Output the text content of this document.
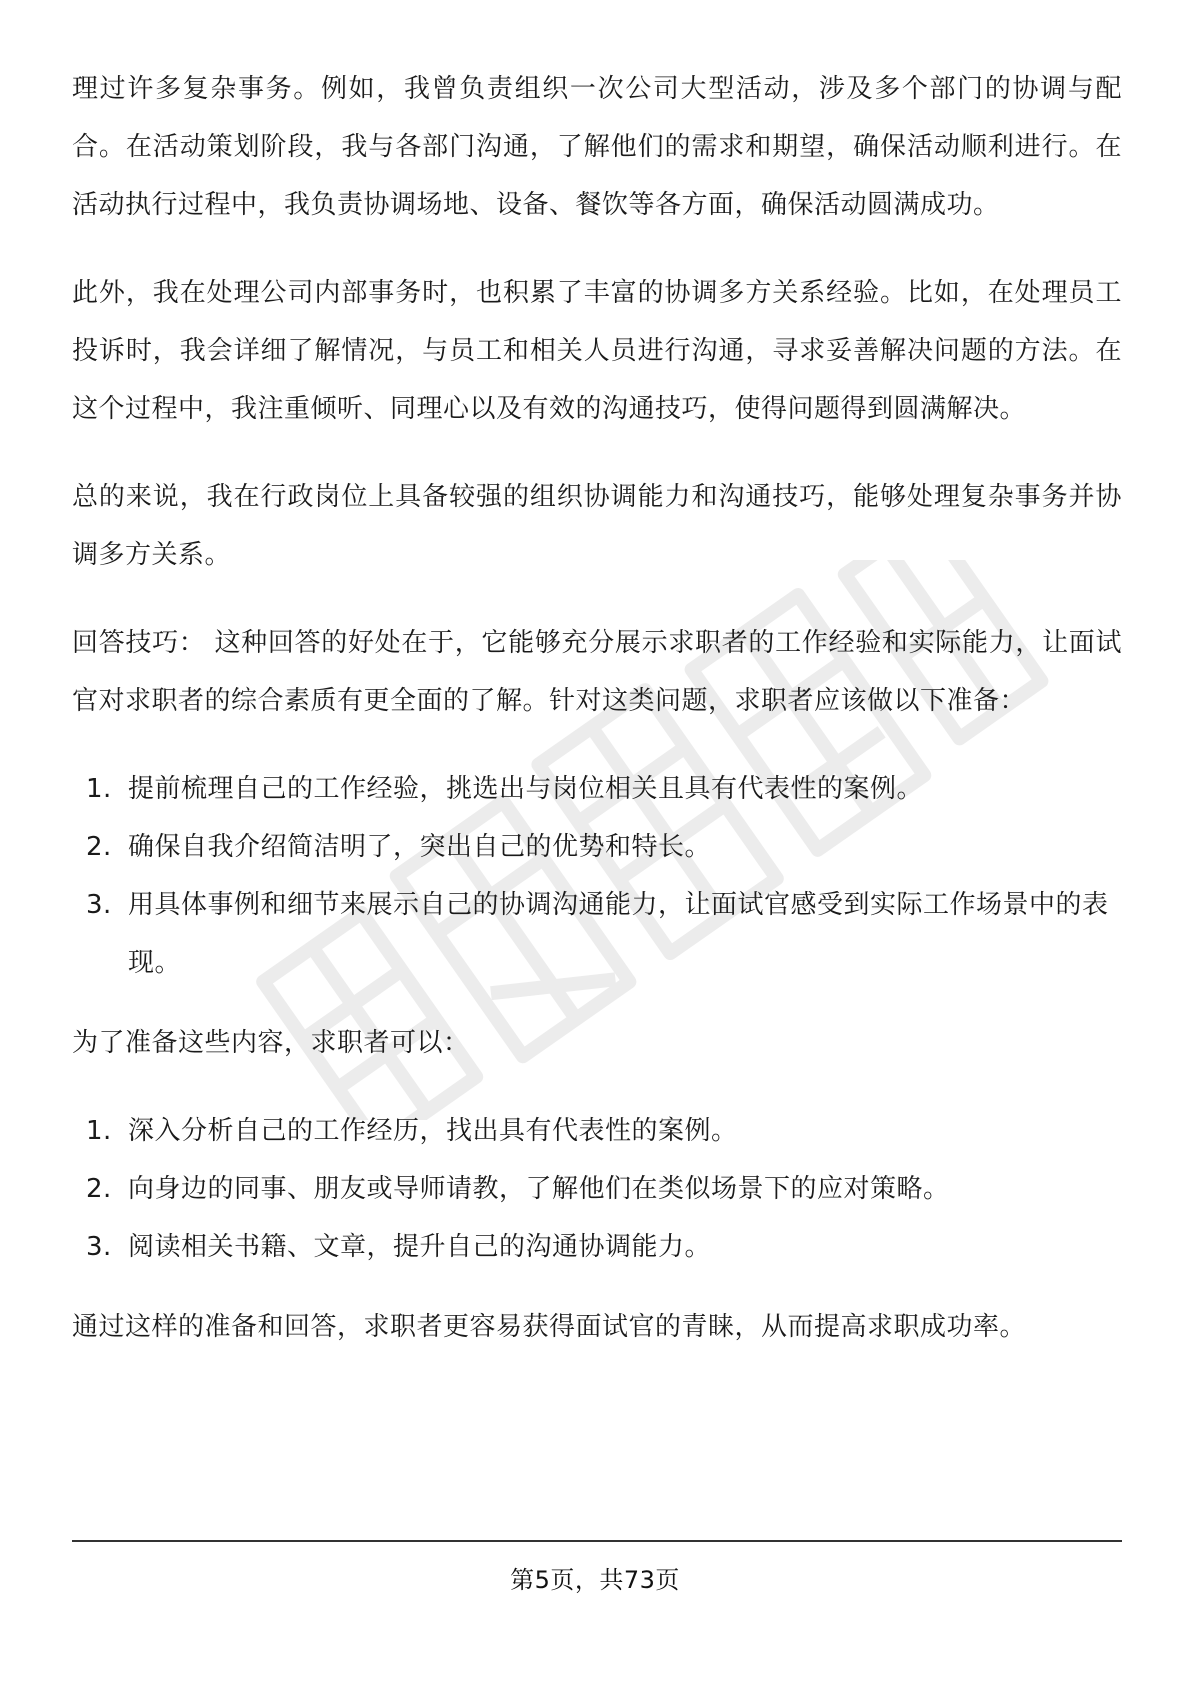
理过许多复杂事务。例如，我曾负责组织一次公司大型活动，涉及多个部门的协调与配合。在活动策划阶段，我与各部门沟通，了解他们的需求和期望，确保活动顺利进行。在活动执行过程中，我负责协调场地、设备、餐饮等各方面，确保活动圆满成功。

此外，我在处理公司内部事务时，也积累了丰富的协调多方关系经验。比如，在处理员工投诉时，我会详细了解情况，与员工和相关人员进行沟通，寻求妥善解决问题的方法。在这个过程中，我注重倾听、同理心以及有效的沟通技巧，使得问题得到圆满解决。

总的来说，我在行政岗位上具备较强的组织协调能力和沟通技巧，能够处理复杂事务并协调多方关系。

回答技巧： 这种回答的好处在于，它能够充分展示求职者的工作经验和实际能力，让面试官对求职者的综合素质有更全面的了解。针对这类问题，求职者应该做以下准备：

1. 提前梳理自己的工作经验，挑选出与岗位相关且具有代表性的案例。
2. 确保自我介绍简洁明了，突出自己的优势和特长。
3. 用具体事例和细节来展示自己的协调沟通能力，让面试官感受到实际工作场景中的表现。

为了准备这些内容，求职者可以：

1. 深入分析自己的工作经历，找出具有代表性的案例。
2. 向身边的同事、朋友或导师请教，了解他们在类似场景下的应对策略。
3. 阅读相关书籍、文章，提升自己的沟通协调能力。

通过这样的准备和回答，求职者更容易获得面试官的青睐，从而提高求职成功率。

第5页，共73页
